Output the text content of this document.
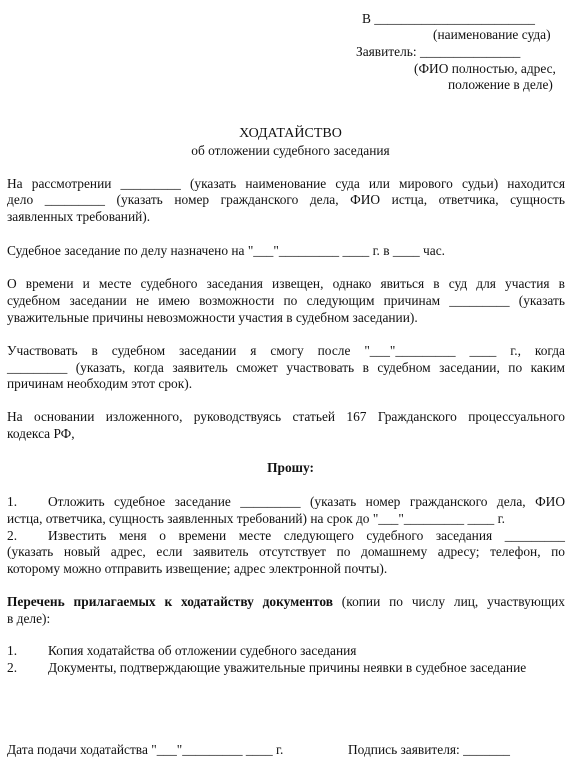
В ________________________
(наименование суда)
Заявитель: _______________
(ФИО полностью, адрес,
положение в деле)
ХОДАТАЙСТВО
об отложении судебного заседания
На рассмотрении _________ (указать наименование суда или мирового судьи) находится
дело _________ (указать номер гражданского дела, ФИО истца, ответчика, сущность
заявленных требований).
Судебное заседание по делу назначено на "___"_________ ____ г. в ____ час.
О времени и месте судебного заседания извещен, однако явиться в суд для участия в
судебном заседании не имею возможности по следующим причинам _________ (указать
уважительные причины невозможности участия в судебном заседании).
Участвовать в судебном заседании я смогу после "___"_________ ____ г., когда
_________ (указать, когда заявитель сможет участвовать в судебном заседании, по каким
причинам необходим этот срок).
На основании изложенного, руководствуясь статьей 167 Гражданского процессуального
кодекса РФ,
Прошу:
1. Отложить судебное заседание _________ (указать номер гражданского дела, ФИО
истца, ответчика, сущность заявленных требований) на срок до "___"_________ ____ г.
2. Известить меня о времени месте следующего судебного заседания _________
(указать новый адрес, если заявитель отсутствует по домашнему адресу; телефон, по
которому можно отправить извещение; адрес электронной почты).
Перечень прилагаемых к ходатайству документов (копии по числу лиц, участвующих
в деле):
1. Копия ходатайства об отложении судебного заседания
2. Документы, подтверждающие уважительные причины неявки в судебное заседание
Дата подачи ходатайства "___"_________ ____ г.	Подпись заявителя: _______
